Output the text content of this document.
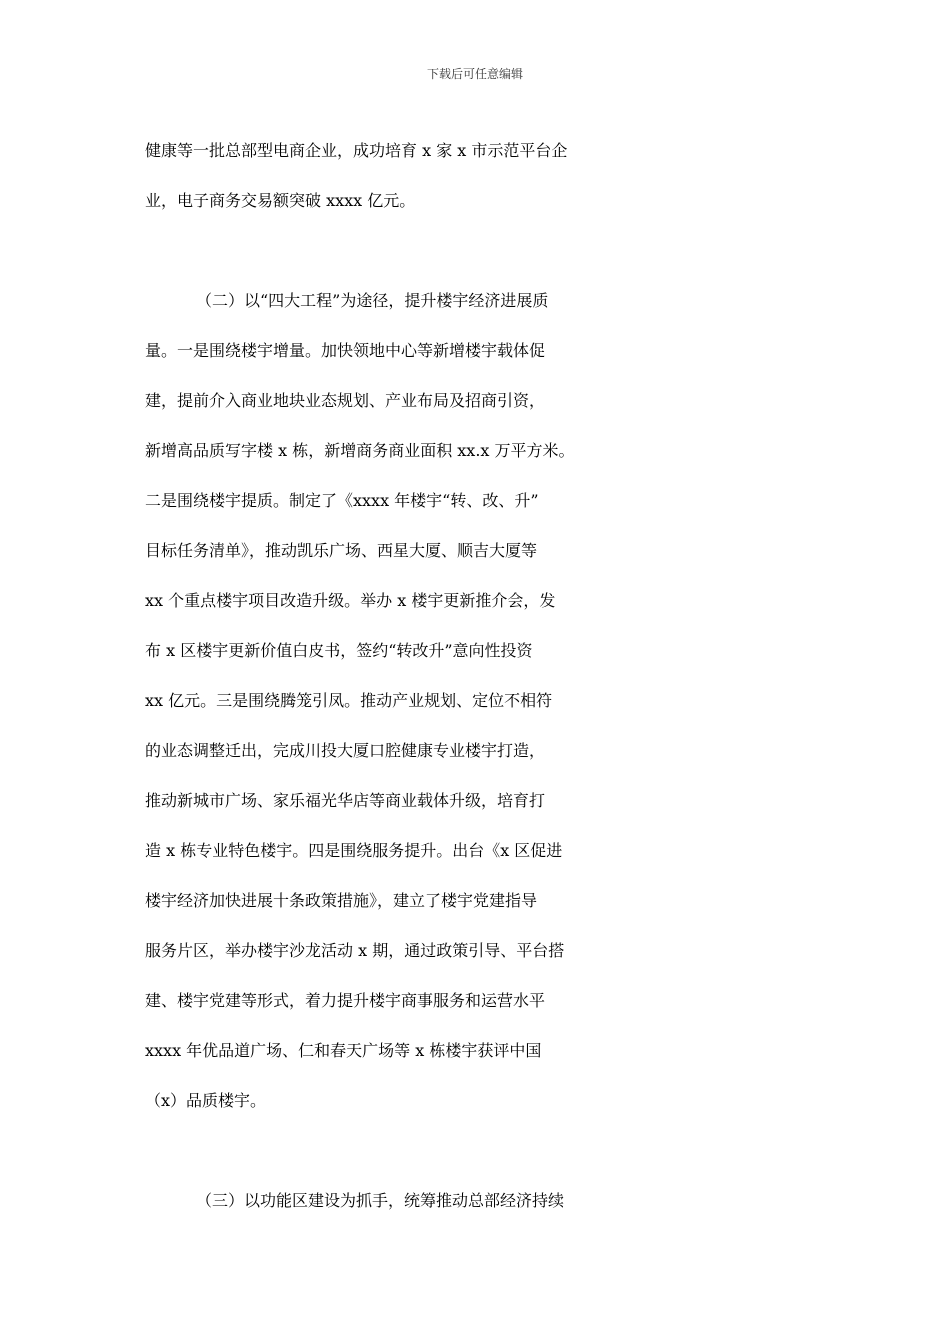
下载后可任意编辑
健康等一批总部型电商企业，成功培育 x 家 x 市示范平台企
业，电子商务交易额突破 xxxx 亿元。
（二）以“四大工程”为途径，提升楼宇经济进展质
量。一是围绕楼宇增量。加快领地中心等新增楼宇载体促
建，提前介入商业地块业态规划、产业布局及招商引资，
新增高品质写字楼 x 栋，新增商务商业面积 xx.x 万平方米。
二是围绕楼宇提质。制定了《xxxx 年楼宇“转、改、升”
目标任务清单》，推动凯乐广场、西星大厦、顺吉大厦等
xx 个重点楼宇项目改造升级。举办 x 楼宇更新推介会，发
布 x 区楼宇更新价值白皮书，签约“转改升”意向性投资
xx 亿元。三是围绕腾笼引凤。推动产业规划、定位不相符
的业态调整迁出，完成川投大厦口腔健康专业楼宇打造，
推动新城市广场、家乐福光华店等商业载体升级，培育打
造 x 栋专业特色楼宇。四是围绕服务提升。出台《x 区促进
楼宇经济加快进展十条政策措施》，建立了楼宇党建指导
服务片区，举办楼宇沙龙活动 x 期，通过政策引导、平台搭
建、楼宇党建等形式，着力提升楼宇商事服务和运营水平
xxxx 年优品道广场、仁和春天广场等 x 栋楼宇获评中国
（x）品质楼宇。
（三）以功能区建设为抓手，统筹推动总部经济持续
